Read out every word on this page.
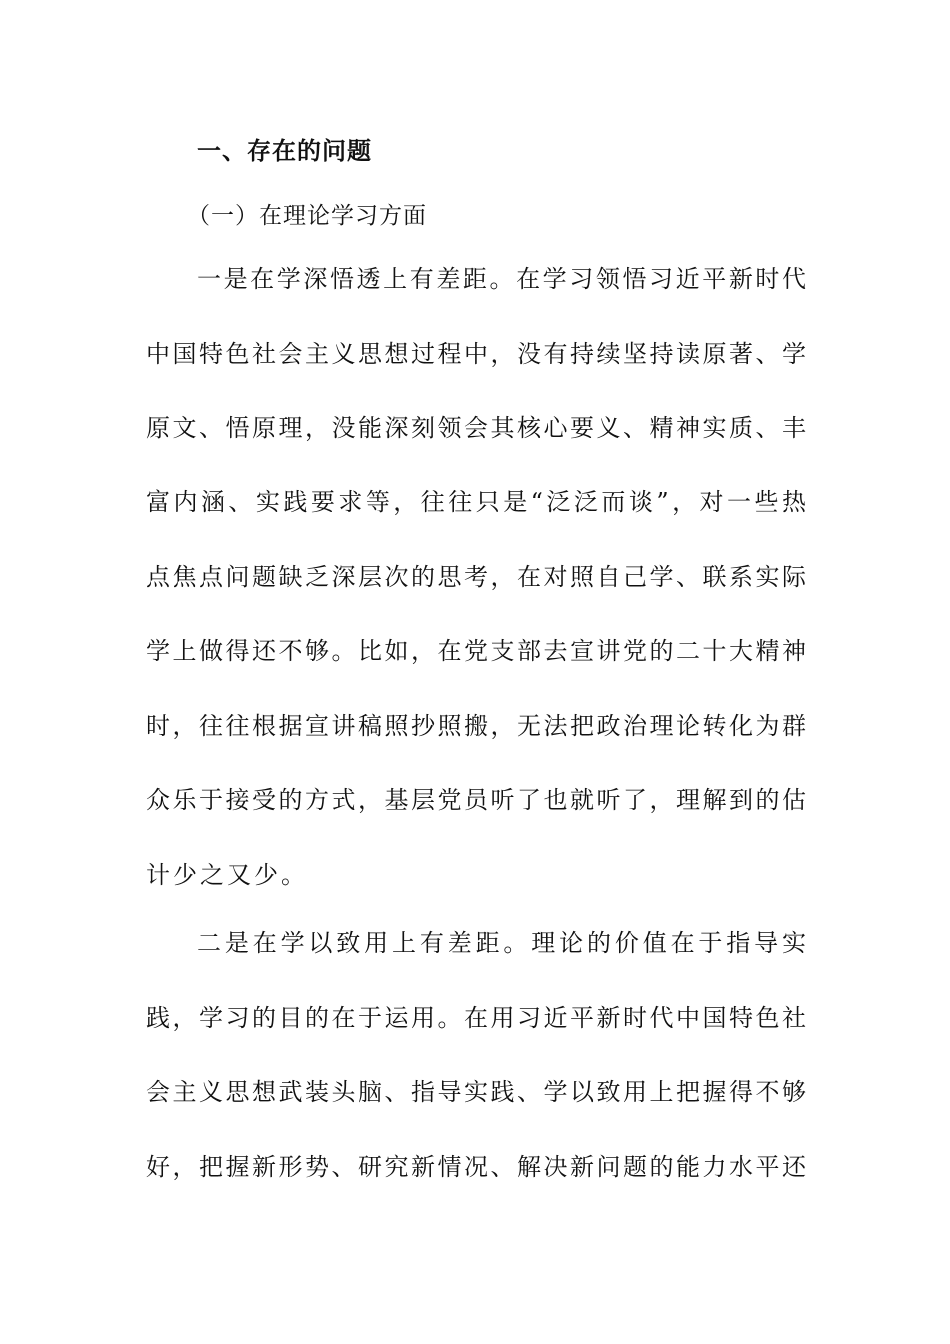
一、存在的问题
（一）在理论学习方面
一是在学深悟透上有差距。在学习领悟习近平新时代
中国特色社会主义思想过程中，没有持续坚持读原著、学
原文、悟原理，没能深刻领会其核心要义、精神实质、丰
富内涵、实践要求等，往往只是“泛泛而谈”，对一些热
点焦点问题缺乏深层次的思考，在对照自己学、联系实际
学上做得还不够。比如，在党支部去宣讲党的二十大精神
时，往往根据宣讲稿照抄照搬，无法把政治理论转化为群
众乐于接受的方式，基层党员听了也就听了，理解到的估
计少之又少。
二是在学以致用上有差距。理论的价值在于指导实
践，学习的目的在于运用。在用习近平新时代中国特色社
会主义思想武装头脑、指导实践、学以致用上把握得不够
好，把握新形势、研究新情况、解决新问题的能力水平还
